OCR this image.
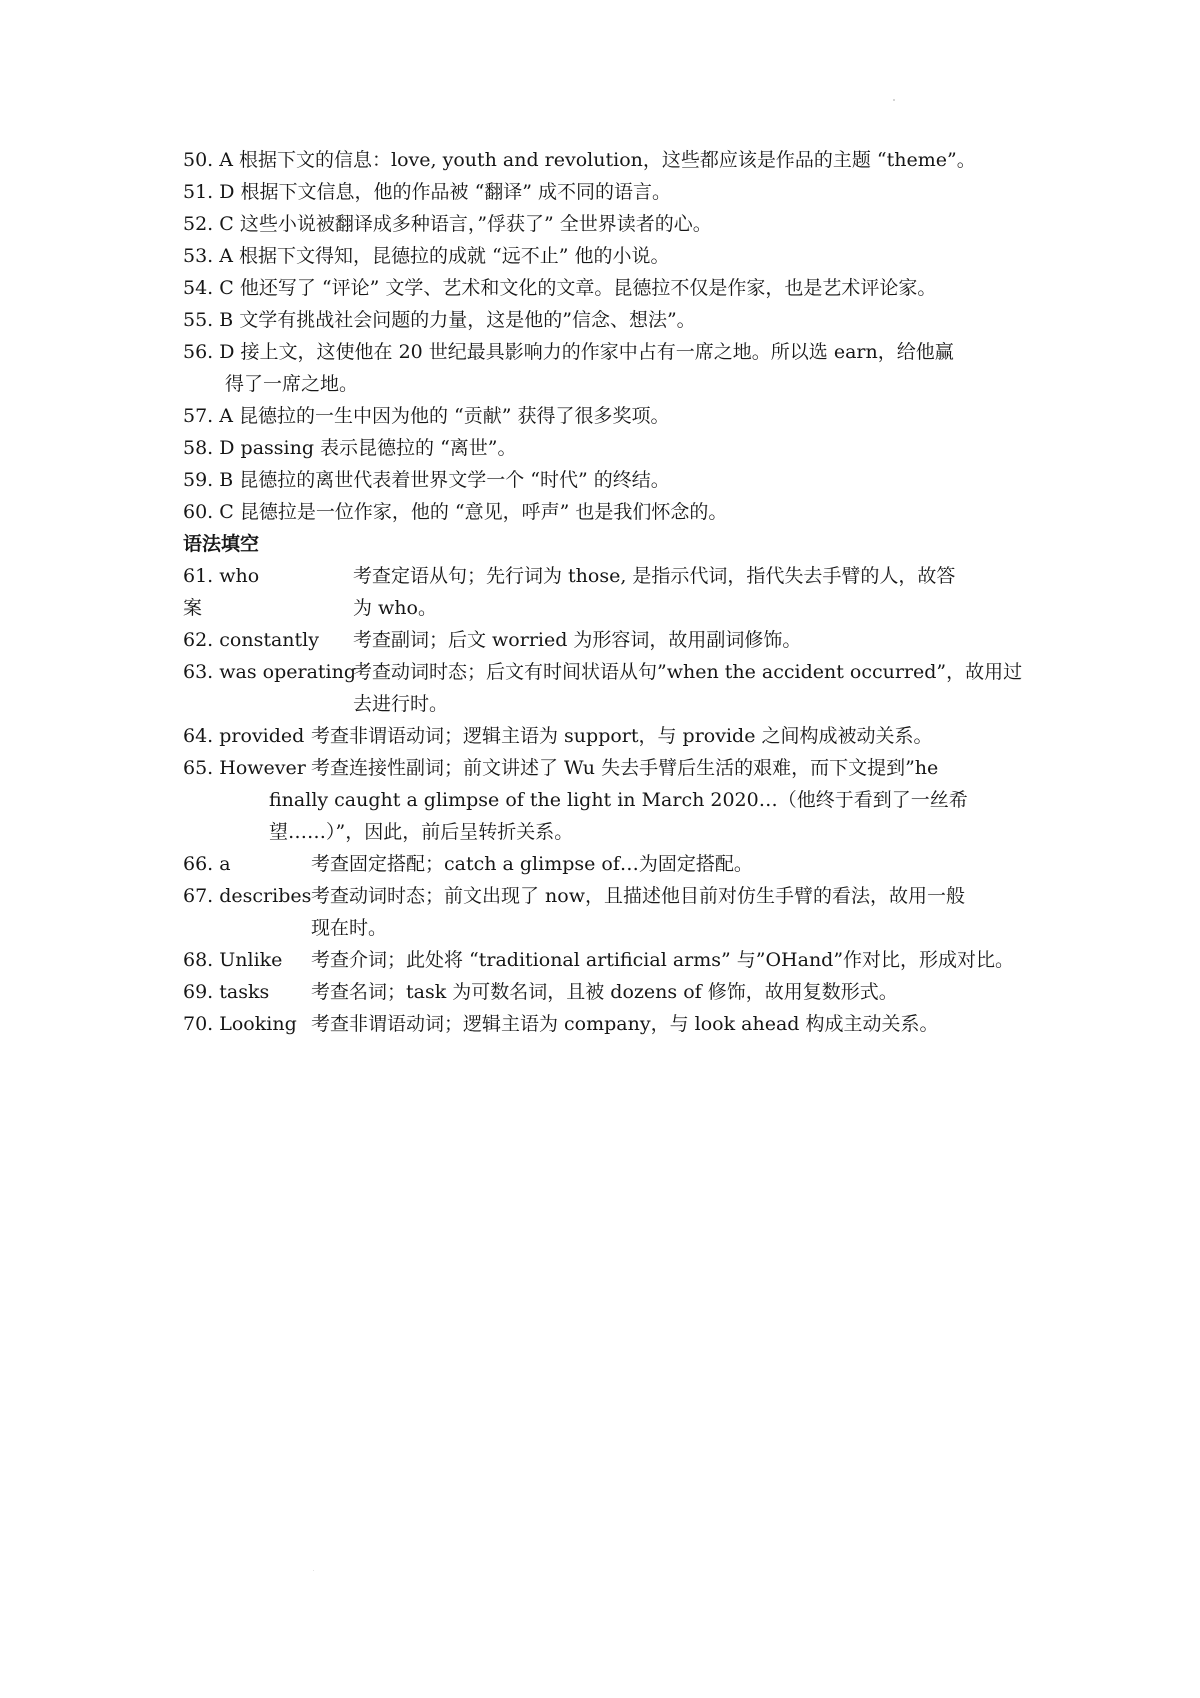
50. A 根据下文的信息：love, youth and revolution，这些都应该是作品的主题 “theme”。
51. D 根据下文信息，他的作品被 “翻译” 成不同的语言。
52. C 这些小说被翻译成多种语言，”俘获了” 全世界读者的心。
53. A 根据下文得知，昆德拉的成就 “远不止” 他的小说。
54. C 他还写了 “评论” 文学、艺术和文化的文章。昆德拉不仅是作家，也是艺术评论家。
55. B 文学有挑战社会问题的力量，这是他的”信念、想法”。
56. D 接上文，这使他在 20 世纪最具影响力的作家中占有一席之地。所以选 earn，给他赢
得了一席之地。
57. A 昆德拉的一生中因为他的 “贡献” 获得了很多奖项。
58. D passing 表示昆德拉的 “离世”。
59. B 昆德拉的离世代表着世界文学一个 “时代” 的终结。
60. C 昆德拉是一位作家，他的 “意见，呼声” 也是我们怀念的。
语法填空
61. who	考查定语从句；先行词为 those, 是指示代词，指代失去手臂的人，故答
案	为 who。
62. constantly	考查副词；后文 worried 为形容词，故用副词修饰。
63. was operating
考查动词时态；后文有时间状语从句”when the accident occurred”，故用过
去进行时。
64. provided 考查非谓语动词；逻辑主语为 support，与 provide 之间构成被动关系。
65. However 考查连接性副词；前文讲述了 Wu 失去手臂后生活的艰难，而下文提到”he
finally caught a glimpse of the light in March 2020…（他终于看到了一丝希
望……）”，因此，前后呈转折关系。
66. a	考查固定搭配；catch a glimpse of…为固定搭配。
67. describes 考查动词时态；前文出现了 now，且描述他目前对仿生手臂的看法，故用一般
现在时。
68. Unlike	考查介词；此处将 “traditional artificial arms” 与”OHand”作对比，形成对比。
69. tasks	考查名词；task 为可数名词，且被 dozens of 修饰，故用复数形式。
70. Looking 考查非谓语动词；逻辑主语为 company，与 look ahead 构成主动关系。
